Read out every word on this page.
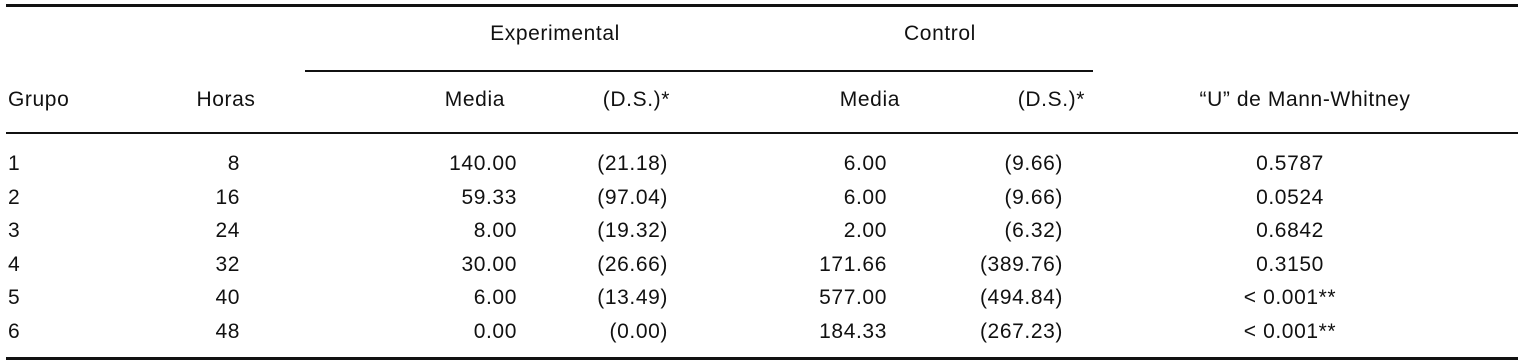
Experimental	Control
Grupo	Horas	Media	(D.S.)*	Media	(D.S.)*	“U” de Mann-Whitney
1	8	140.00	(21.18)	6.00	(9.66)	0.5787
2	16	59.33	(97.04)	6.00	(9.66)	0.0524
3	24	8.00	(19.32)	2.00	(6.32)	0.6842
4	32	30.00	(26.66)	171.66	(389.76)	0.3150
5	40	6.00	(13.49)	577.00	(494.84)	< 0.001**
6	48	0.00	(0.00)	184.33	(267.23)	< 0.001**
